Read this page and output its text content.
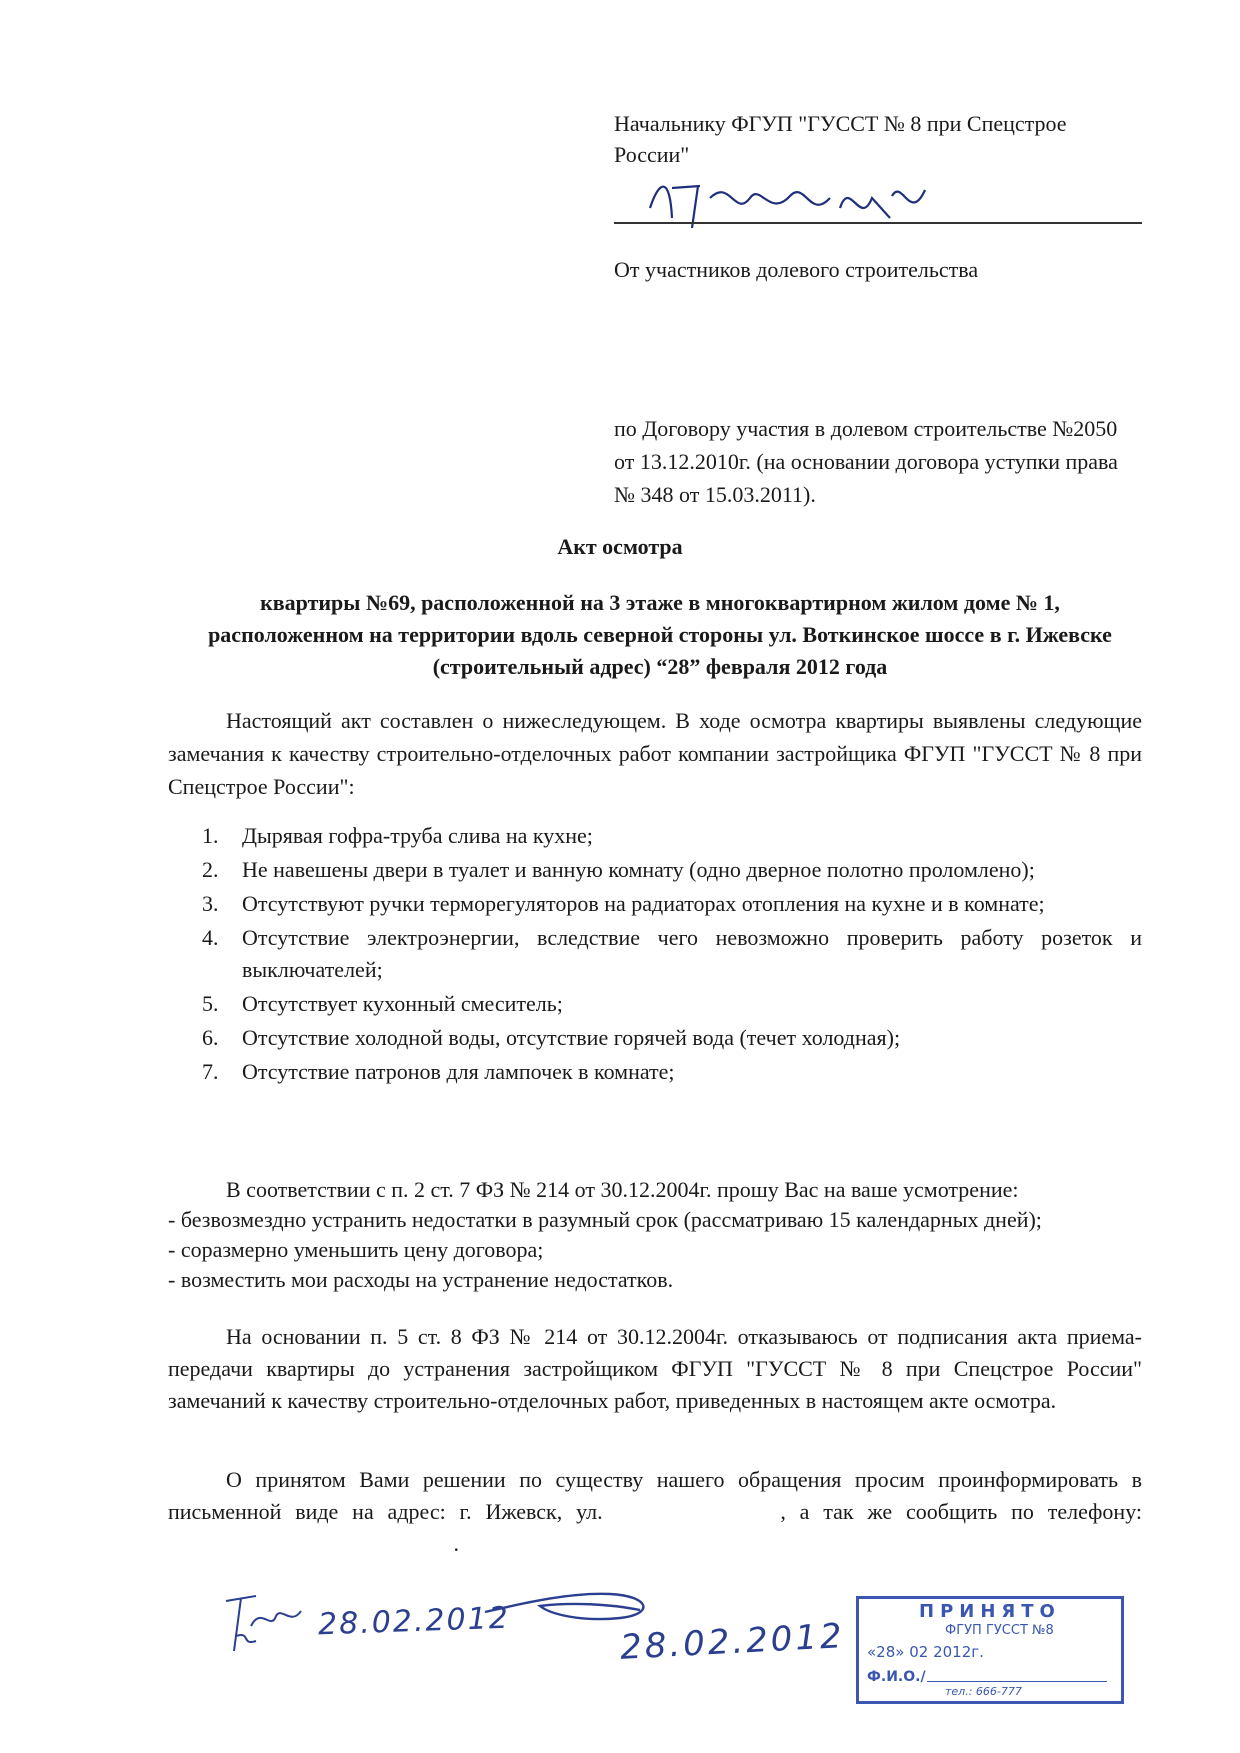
Начальнику ФГУП "ГУССТ № 8 при Спецстрое России"
От участников долевого строительства
по Договору участия в долевом строительстве №2050 от 13.12.2010г. (на основании договора уступки права № 348 от 15.03.2011).
Акт осмотра
квартиры №69, расположенной на 3 этаже в многоквартирном жилом доме № 1, расположенном на территории вдоль северной стороны ул. Воткинское шоссе в г. Ижевске (строительный адрес) “28” февраля 2012 года
Настоящий акт составлен о нижеследующем. В ходе осмотра квартиры выявлены следующие замечания к качеству строительно-отделочных работ компании застройщика ФГУП "ГУССТ № 8 при Спецстрое России":
1. Дырявая гофра-труба слива на кухне;
2. Не навешены двери в туалет и ванную комнату (одно дверное полотно проломлено);
3. Отсутствуют ручки терморегуляторов на радиаторах отопления на кухне и в комнате;
4. Отсутствие электроэнергии, вследствие чего невозможно проверить работу розеток и выключателей;
5. Отсутствует кухонный смеситель;
6. Отсутствие холодной воды, отсутствие горячей вода (течет холодная);
7. Отсутствие патронов для лампочек в комнате;
В соответствии с п. 2 ст. 7 ФЗ № 214 от 30.12.2004г. прошу Вас на ваше усмотрение:
- безвозмездно устранить недостатки в разумный срок (рассматриваю 15 календарных дней);
- соразмерно уменьшить цену договора;
- возместить мои расходы на устранение недостатков.
На основании п. 5 ст. 8 ФЗ № 214 от 30.12.2004г. отказываюсь от подписания акта приема-передачи квартиры до устранения застройщиком ФГУП "ГУССТ № 8 при Спецстрое России" замечаний к качеству строительно-отделочных работ, приведенных в настоящем акте осмотра.
О принятом Вами решении по существу нашего обращения просим проинформировать в письменной виде на адрес: г. Ижевск, ул.	, а так же сообщить по телефону:  .
28.02.2012	28.02.2012
ПРИНЯТО
ФГУП ГУССТ №8
«28» 02 2012г.
Ф.И.О./
тел.: 666-777
